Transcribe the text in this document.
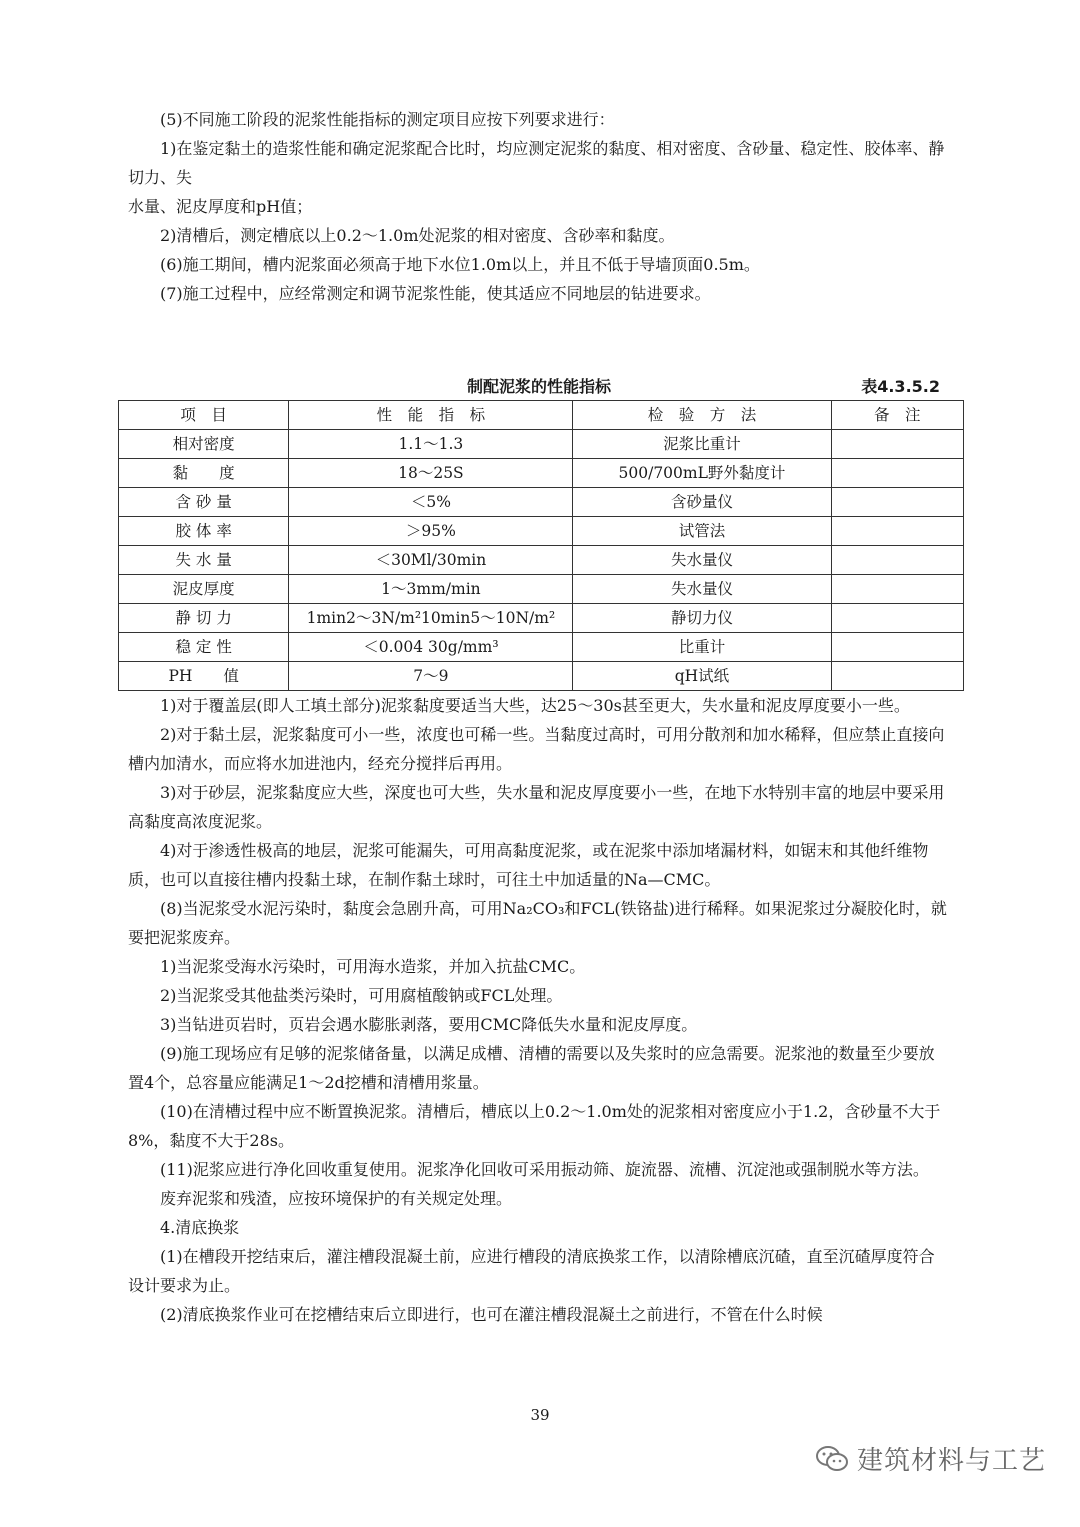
(5)不同施工阶段的泥浆性能指标的测定项目应按下列要求进行：

1)在鉴定黏土的造浆性能和确定泥浆配合比时，均应测定泥浆的黏度、相对密度、含砂量、稳定性、胶体率、静切力、失

水量、泥皮厚度和pH值；

2)清槽后，测定槽底以上0.2～1.0m处泥浆的相对密度、含砂率和黏度。

(6)施工期间，槽内泥浆面必须高于地下水位1.0m以上，并且不低于导墙顶面0.5m。

(7)施工过程中，应经常测定和调节泥浆性能，使其适应不同地层的钻进要求。

制配泥浆的性能指标	表4.3.5.2
项　目	性　能　指　标	检　验　方　法	备　注
相对密度	1.1～1.3	泥浆比重计	
黏　　度	18～25S	500/700mL野外黏度计	
含 砂 量	＜5%	含砂量仪	
胶 体 率	＞95%	试管法	
失 水 量	＜30Ml/30min	失水量仪	
泥皮厚度	1～3mm/min	失水量仪	
静 切 力	1min2～3N/m²10min5～10N/m²	静切力仪	
稳 定 性	＜0.004 30g/mm³	比重计	
PH　　值	7～9	qH试纸	

1)对于覆盖层(即人工填土部分)泥浆黏度要适当大些，达25～30s甚至更大，失水量和泥皮厚度要小一些。

2)对于黏土层，泥浆黏度可小一些，浓度也可稀一些。当黏度过高时，可用分散剂和加水稀释，但应禁止直接向槽内加清水，而应将水加进池内，经充分搅拌后再用。

3)对于砂层，泥浆黏度应大些，深度也可大些，失水量和泥皮厚度要小一些，在地下水特别丰富的地层中要采用高黏度高浓度泥浆。

4)对于渗透性极高的地层，泥浆可能漏失，可用高黏度泥浆，或在泥浆中添加堵漏材料，如锯末和其他纤维物质，也可以直接往槽内投黏土球，在制作黏土球时，可往土中加适量的Na—CMC。

(8)当泥浆受水泥污染时，黏度会急剧升高，可用Na₂CO₃和FCL(铁铬盐)进行稀释。如果泥浆过分凝胶化时，就要把泥浆废弃。

1)当泥浆受海水污染时，可用海水造浆，并加入抗盐CMC。

2)当泥浆受其他盐类污染时，可用腐植酸钠或FCL处理。

3)当钻进页岩时，页岩会遇水膨胀剥落，要用CMC降低失水量和泥皮厚度。

(9)施工现场应有足够的泥浆储备量，以满足成槽、清槽的需要以及失浆时的应急需要。泥浆池的数量至少要放置4个，总容量应能满足1～2d挖槽和清槽用浆量。

(10)在清槽过程中应不断置换泥浆。清槽后，槽底以上0.2～1.0m处的泥浆相对密度应小于1.2，含砂量不大于8%，黏度不大于28s。

(11)泥浆应进行净化回收重复使用。泥浆净化回收可采用振动筛、旋流器、流槽、沉淀池或强制脱水等方法。

废弃泥浆和残渣，应按环境保护的有关规定处理。

4.清底换浆

(1)在槽段开挖结束后，灌注槽段混凝土前，应进行槽段的清底换浆工作，以清除槽底沉碴，直至沉碴厚度符合设计要求为止。

(2)清底换浆作业可在挖槽结束后立即进行，也可在灌注槽段混凝土之前进行，不管在什么时候

39
建筑材料与工艺
